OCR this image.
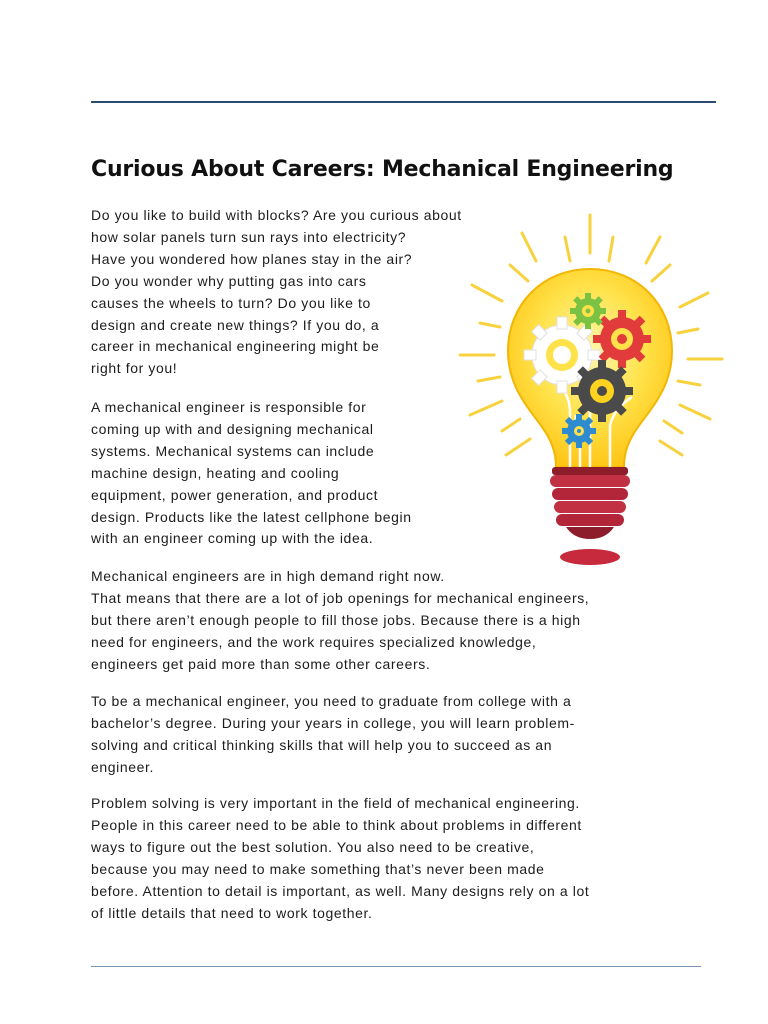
Curious About Careers: Mechanical Engineering
Do you like to build with blocks? Are you curious about
how solar panels turn sun rays into electricity?
Have you wondered how planes stay in the air?
Do you wonder why putting gas into cars
causes the wheels to turn? Do you like to
design and create new things? If you do, a
career in mechanical engineering might be
right for you!
A mechanical engineer is responsible for
coming up with and designing mechanical
systems. Mechanical systems can include
machine design, heating and cooling
equipment, power generation, and product
design. Products like the latest cellphone begin
with an engineer coming up with the idea.
Mechanical engineers are in high demand right now.
That means that there are a lot of job openings for mechanical engineers,
but there aren’t enough people to fill those jobs. Because there is a high
need for engineers, and the work requires specialized knowledge,
engineers get paid more than some other careers.
To be a mechanical engineer, you need to graduate from college with a
bachelor’s degree. During your years in college, you will learn problem-
solving and critical thinking skills that will help you to succeed as an
engineer.
Problem solving is very important in the field of mechanical engineering.
People in this career need to be able to think about problems in different
ways to figure out the best solution. You also need to be creative,
because you may need to make something that’s never been made
before. Attention to detail is important, as well. Many designs rely on a lot
of little details that need to work together.
